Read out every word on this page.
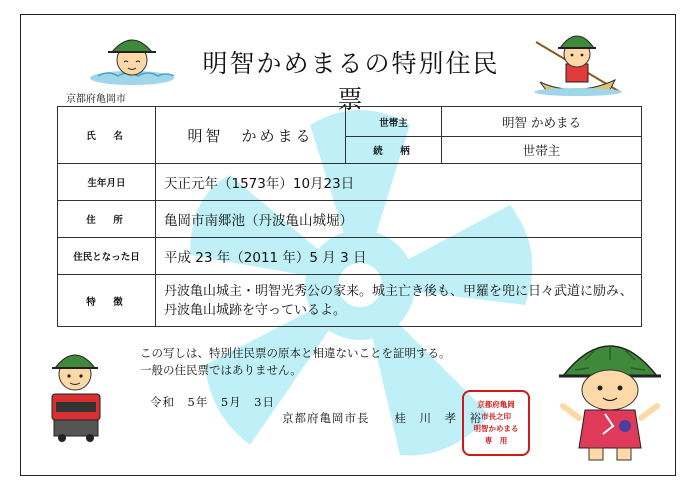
明智かめまるの特別住民票
京都府亀岡市
氏　名	明智　かめまる	世帯主	明智 かめまる
		続　柄	世帯主
生年月日	天正元年（1573年）10月23日		
住　所	亀岡市南郷池（丹波亀山城堀）		
住民となった日	平成 23 年（2011 年）5 月 3 日		
特　徴	丹波亀山城主・明智光秀公の家来。城主亡き後も、甲羅を兜に日々武道に励み、
丹波亀山城跡を守っているよ。		
この写しは、特別住民票の原本と相違ないことを証明する。
一般の住民票ではありません。
令和　5年　5月　3日
京都府亀岡市長　　桂　川　孝　裕
京都府亀岡
市長之印
明智かめまる
専　用
